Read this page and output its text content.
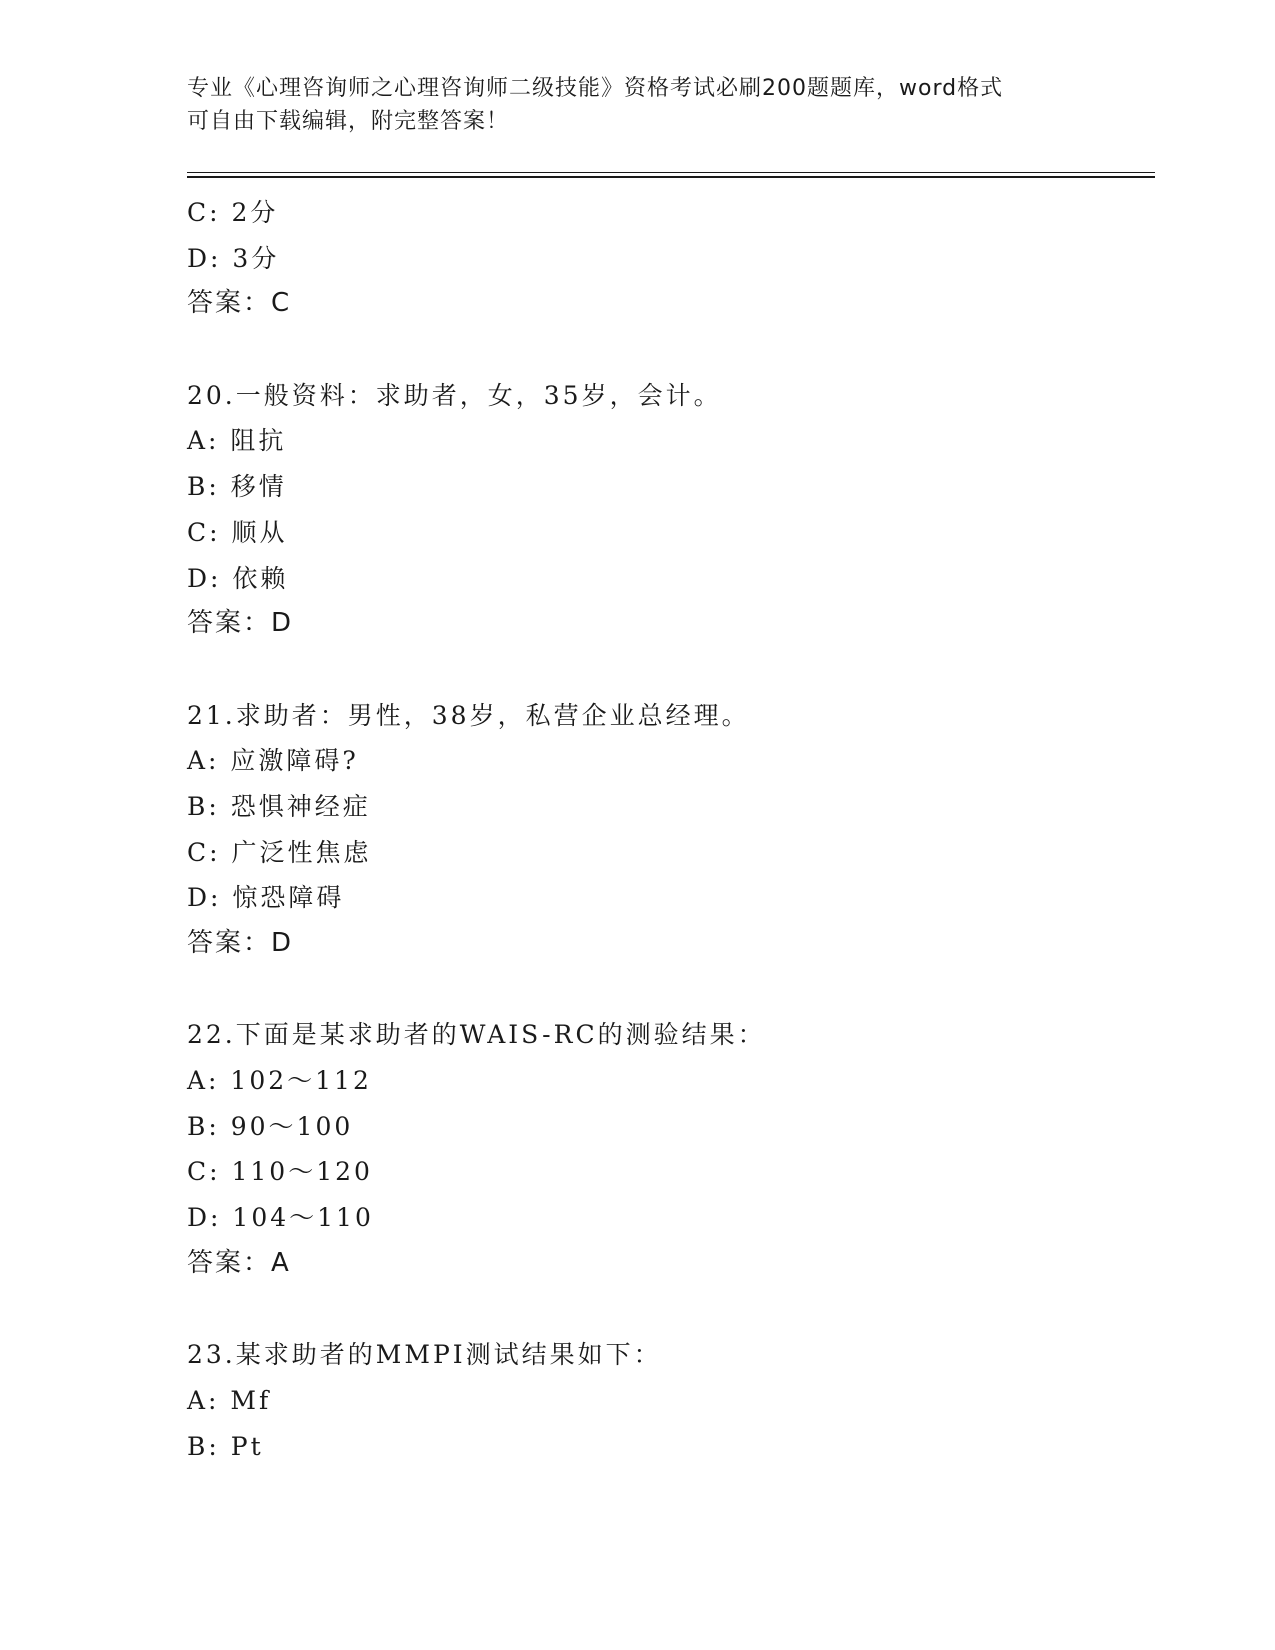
专业《心理咨询师之心理咨询师二级技能》资格考试必刷200题题库，word格式
可自由下载编辑，附完整答案！
C: 2分
D: 3分
答案：C
20.一般资料：求助者，女，35岁，会计。
A: 阻抗
B: 移情
C: 顺从
D: 依赖
答案：D
21.求助者：男性，38岁，私营企业总经理。
A: 应激障碍?
B: 恐惧神经症
C: 广泛性焦虑
D: 惊恐障碍
答案：D
22.下面是某求助者的WAIS-RC的测验结果：
A: 102～112
B: 90～100
C: 110～120
D: 104～110
答案：A
23.某求助者的MMPI测试结果如下：
A: Mf
B: Pt
